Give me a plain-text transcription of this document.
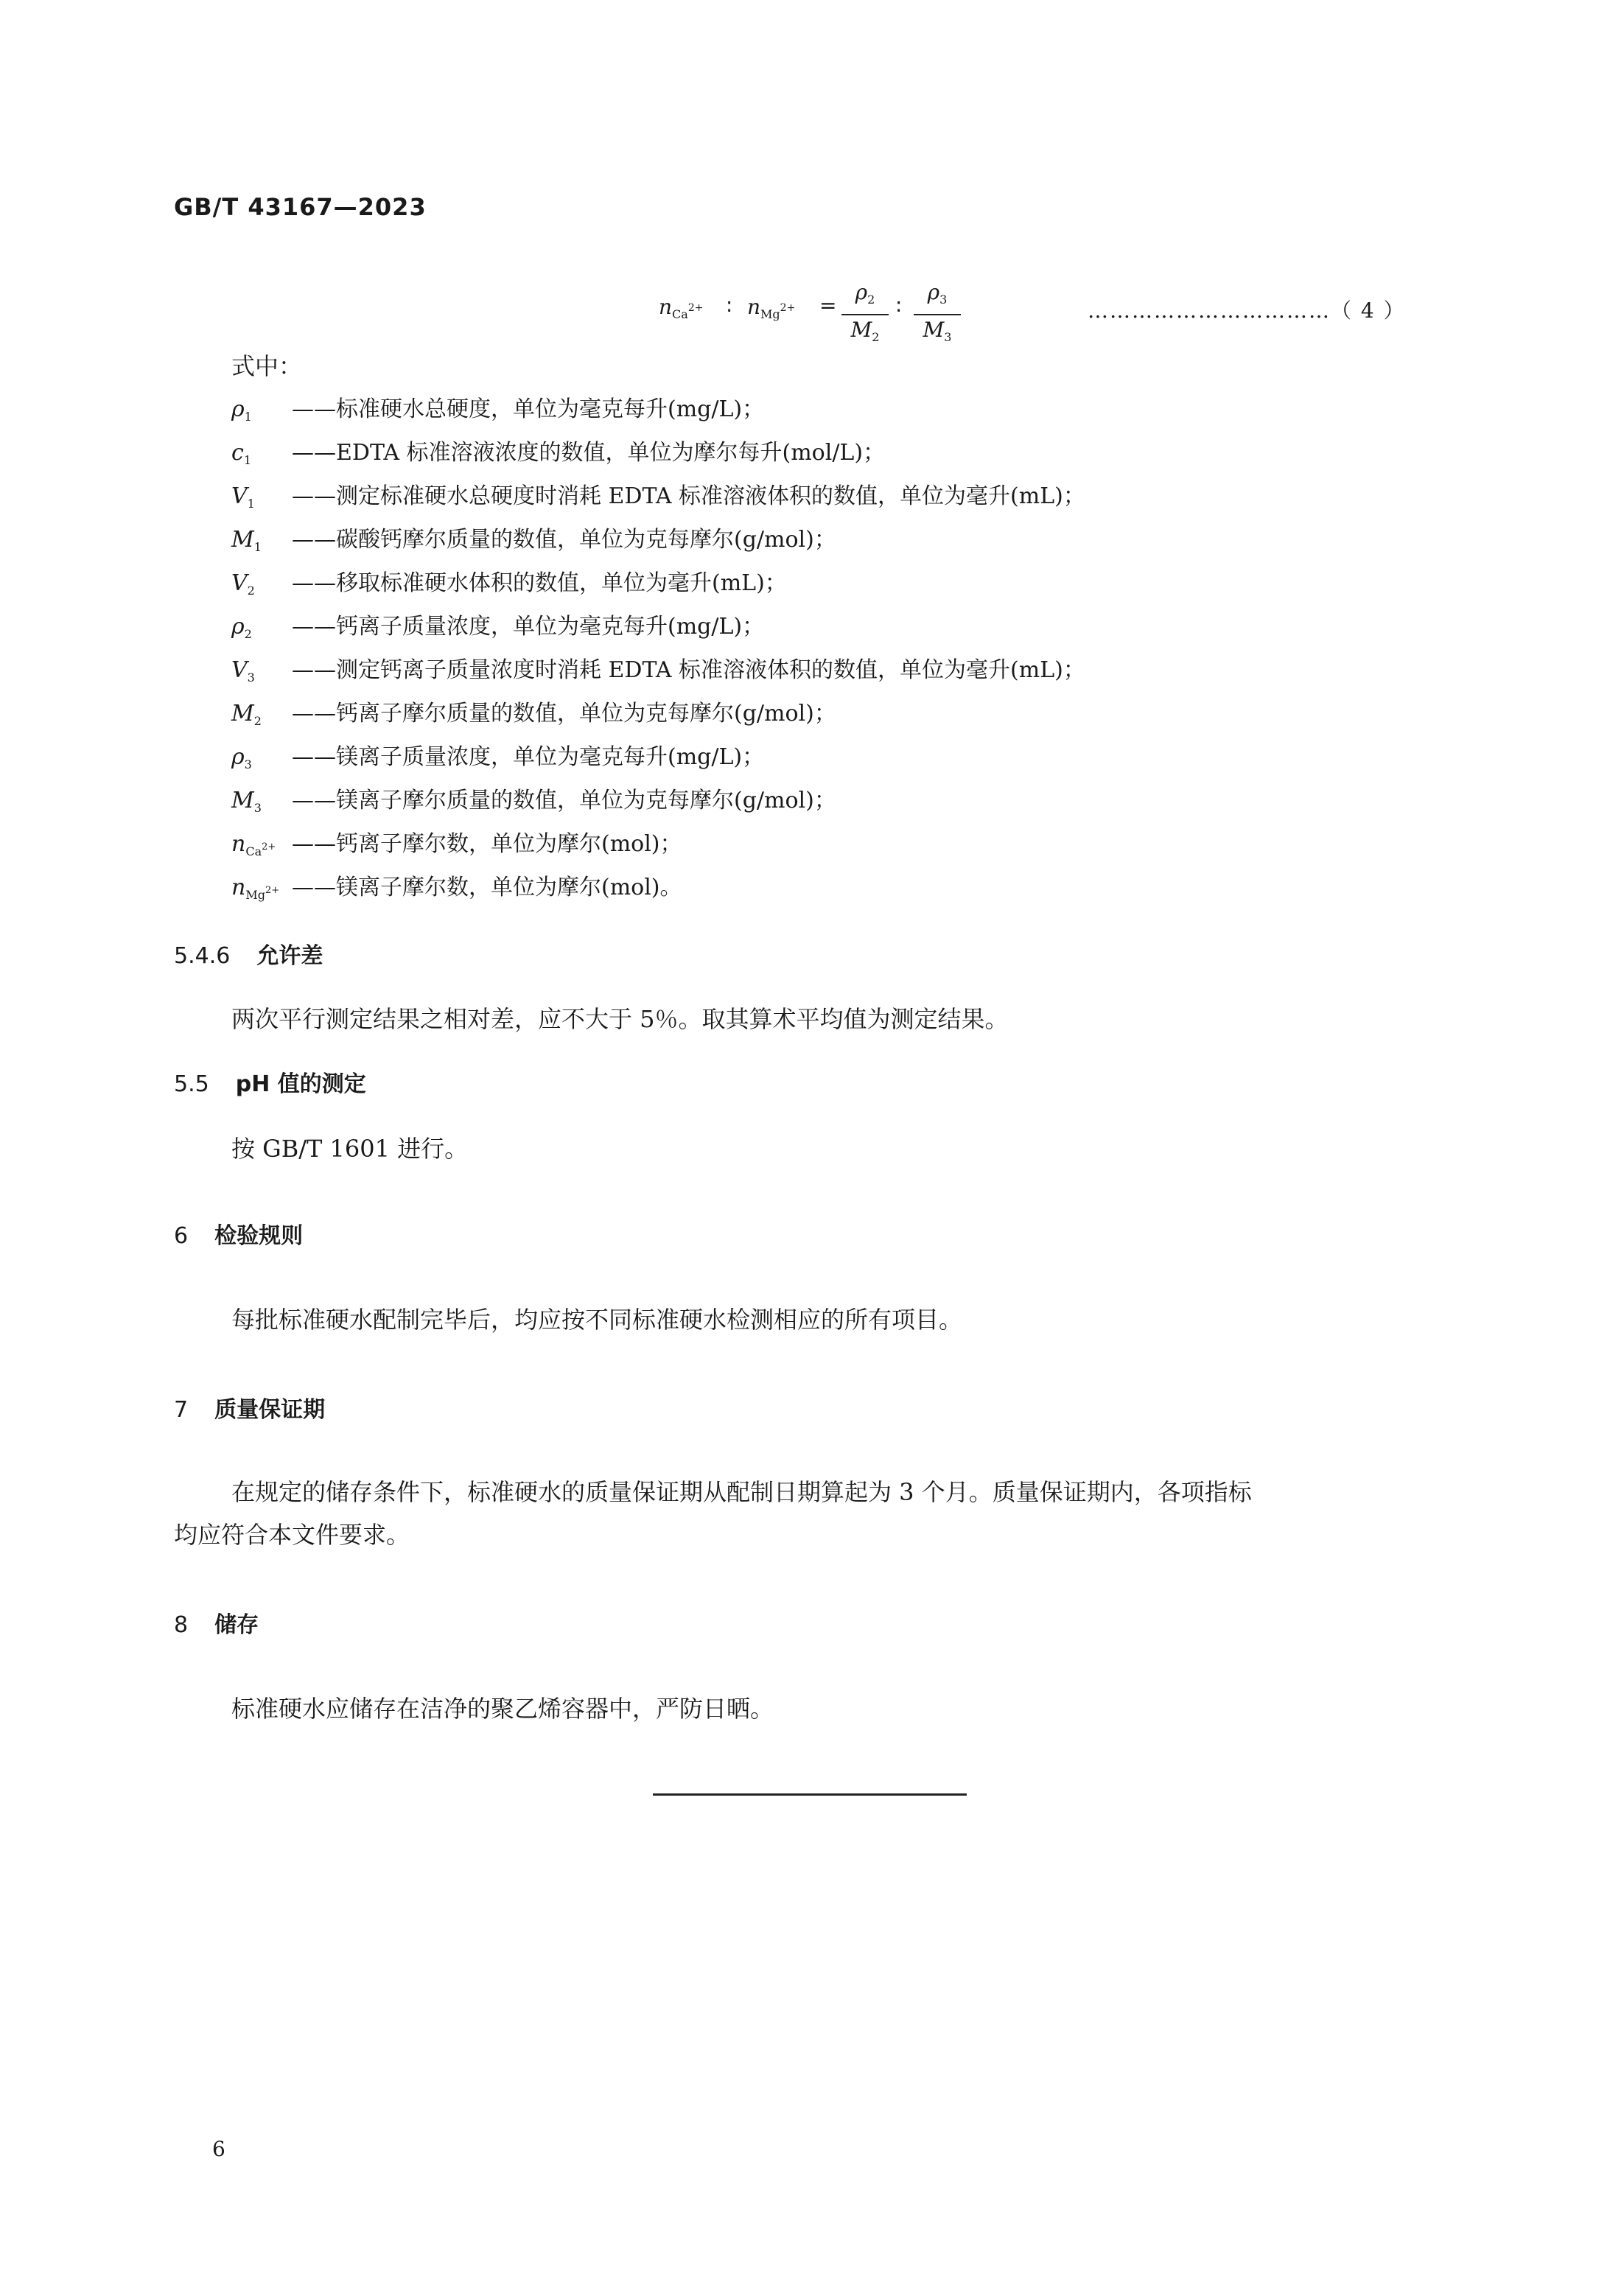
GB/T 43167—2023
$n_{Ca^{2+}}$ ∶ $n_{Mg^{2+}} = \frac{\rho_2}{M_2}$ ∶ $\frac{\rho_3}{M_3}$	……………………………（ 4 ）
式中：
$\rho_1$ ——标准硬水总硬度，单位为毫克每升(mg/L)；
$c_1$ ——EDTA 标准溶液浓度的数值，单位为摩尔每升(mol/L)；
$V_1$ ——测定标准硬水总硬度时消耗 EDTA 标准溶液体积的数值，单位为毫升(mL)；
$M_1$ ——碳酸钙摩尔质量的数值，单位为克每摩尔(g/mol)；
$V_2$ ——移取标准硬水体积的数值，单位为毫升(mL)；
$\rho_2$ ——钙离子质量浓度，单位为毫克每升(mg/L)；
$V_3$ ——测定钙离子质量浓度时消耗 EDTA 标准溶液体积的数值，单位为毫升(mL)；
$M_2$ ——钙离子摩尔质量的数值，单位为克每摩尔(g/mol)；
$\rho_3$ ——镁离子质量浓度，单位为毫克每升(mg/L)；
$M_3$ ——镁离子摩尔质量的数值，单位为克每摩尔(g/mol)；
$n_{Ca^{2+}}$ ——钙离子摩尔数，单位为摩尔(mol)；
$n_{Mg^{2+}}$ ——镁离子摩尔数，单位为摩尔(mol)。
5.4.6 允许差
两次平行测定结果之相对差，应不大于 5％。取其算术平均值为测定结果。
5.5 pH 值的测定
按 GB/T 1601 进行。
6 检验规则
每批标准硬水配制完毕后，均应按不同标准硬水检测相应的所有项目。
7 质量保证期
在规定的储存条件下，标准硬水的质量保证期从配制日期算起为 3 个月。质量保证期内，各项指标
均应符合本文件要求。
8 储存
标准硬水应储存在洁净的聚乙烯容器中，严防日晒。
6
